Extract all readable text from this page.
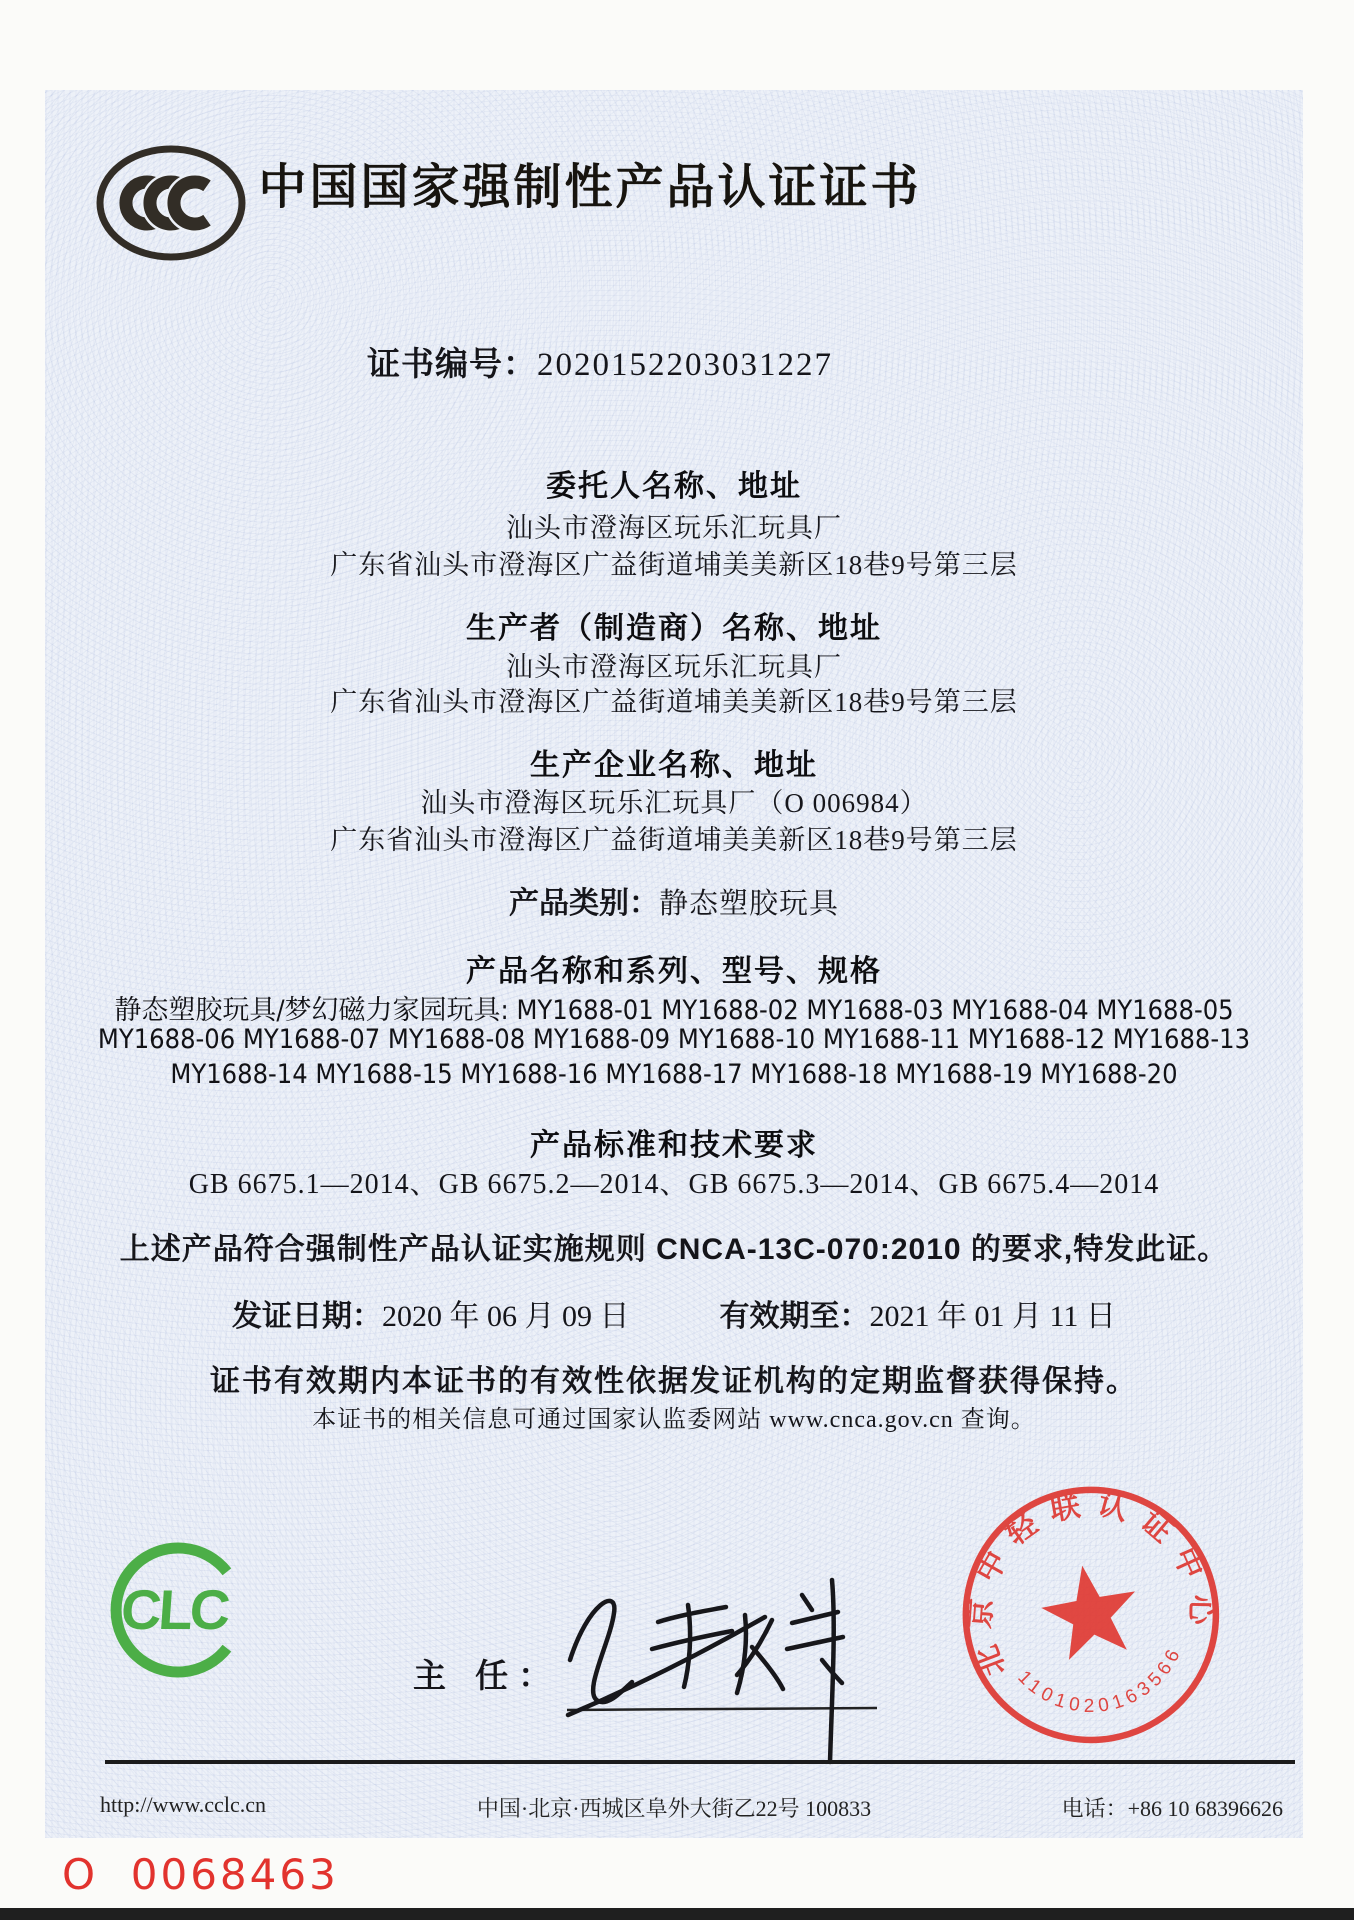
中国国家强制性产品认证证书
证书编号：2020152203031227
委托人名称、地址
汕头市澄海区玩乐汇玩具厂
广东省汕头市澄海区广益街道埔美美新区18巷9号第三层
生产者（制造商）名称、地址
汕头市澄海区玩乐汇玩具厂
广东省汕头市澄海区广益街道埔美美新区18巷9号第三层
生产企业名称、地址
汕头市澄海区玩乐汇玩具厂（O 006984）
广东省汕头市澄海区广益街道埔美美新区18巷9号第三层
产品类别：静态塑胶玩具
产品名称和系列、型号、规格
静态塑胶玩具/梦幻磁力家园玩具: MY1688-01 MY1688-02 MY1688-03 MY1688-04 MY1688-05
MY1688-06 MY1688-07 MY1688-08 MY1688-09 MY1688-10 MY1688-11 MY1688-12 MY1688-13
MY1688-14 MY1688-15 MY1688-16 MY1688-17 MY1688-18 MY1688-19 MY1688-20
产品标准和技术要求
GB 6675.1—2014、GB 6675.2—2014、GB 6675.3—2014、GB 6675.4—2014
上述产品符合强制性产品认证实施规则 CNCA-13C-070:2010 的要求,特发此证。
发证日期：2020 年 06 月 09 日	有效期至：2021 年 01 月 11 日
证书有效期内本证书的有效性依据发证机构的定期监督获得保持。
本证书的相关信息可通过国家认监委网站 www.cnca.gov.cn 查询。
CLC
主 任：	北京中轻联认证中心
1101020163566
http://www.cclc.cn	中国·北京·西城区阜外大街乙22号 100833	电话：+86 10 68396626
O  0068463
